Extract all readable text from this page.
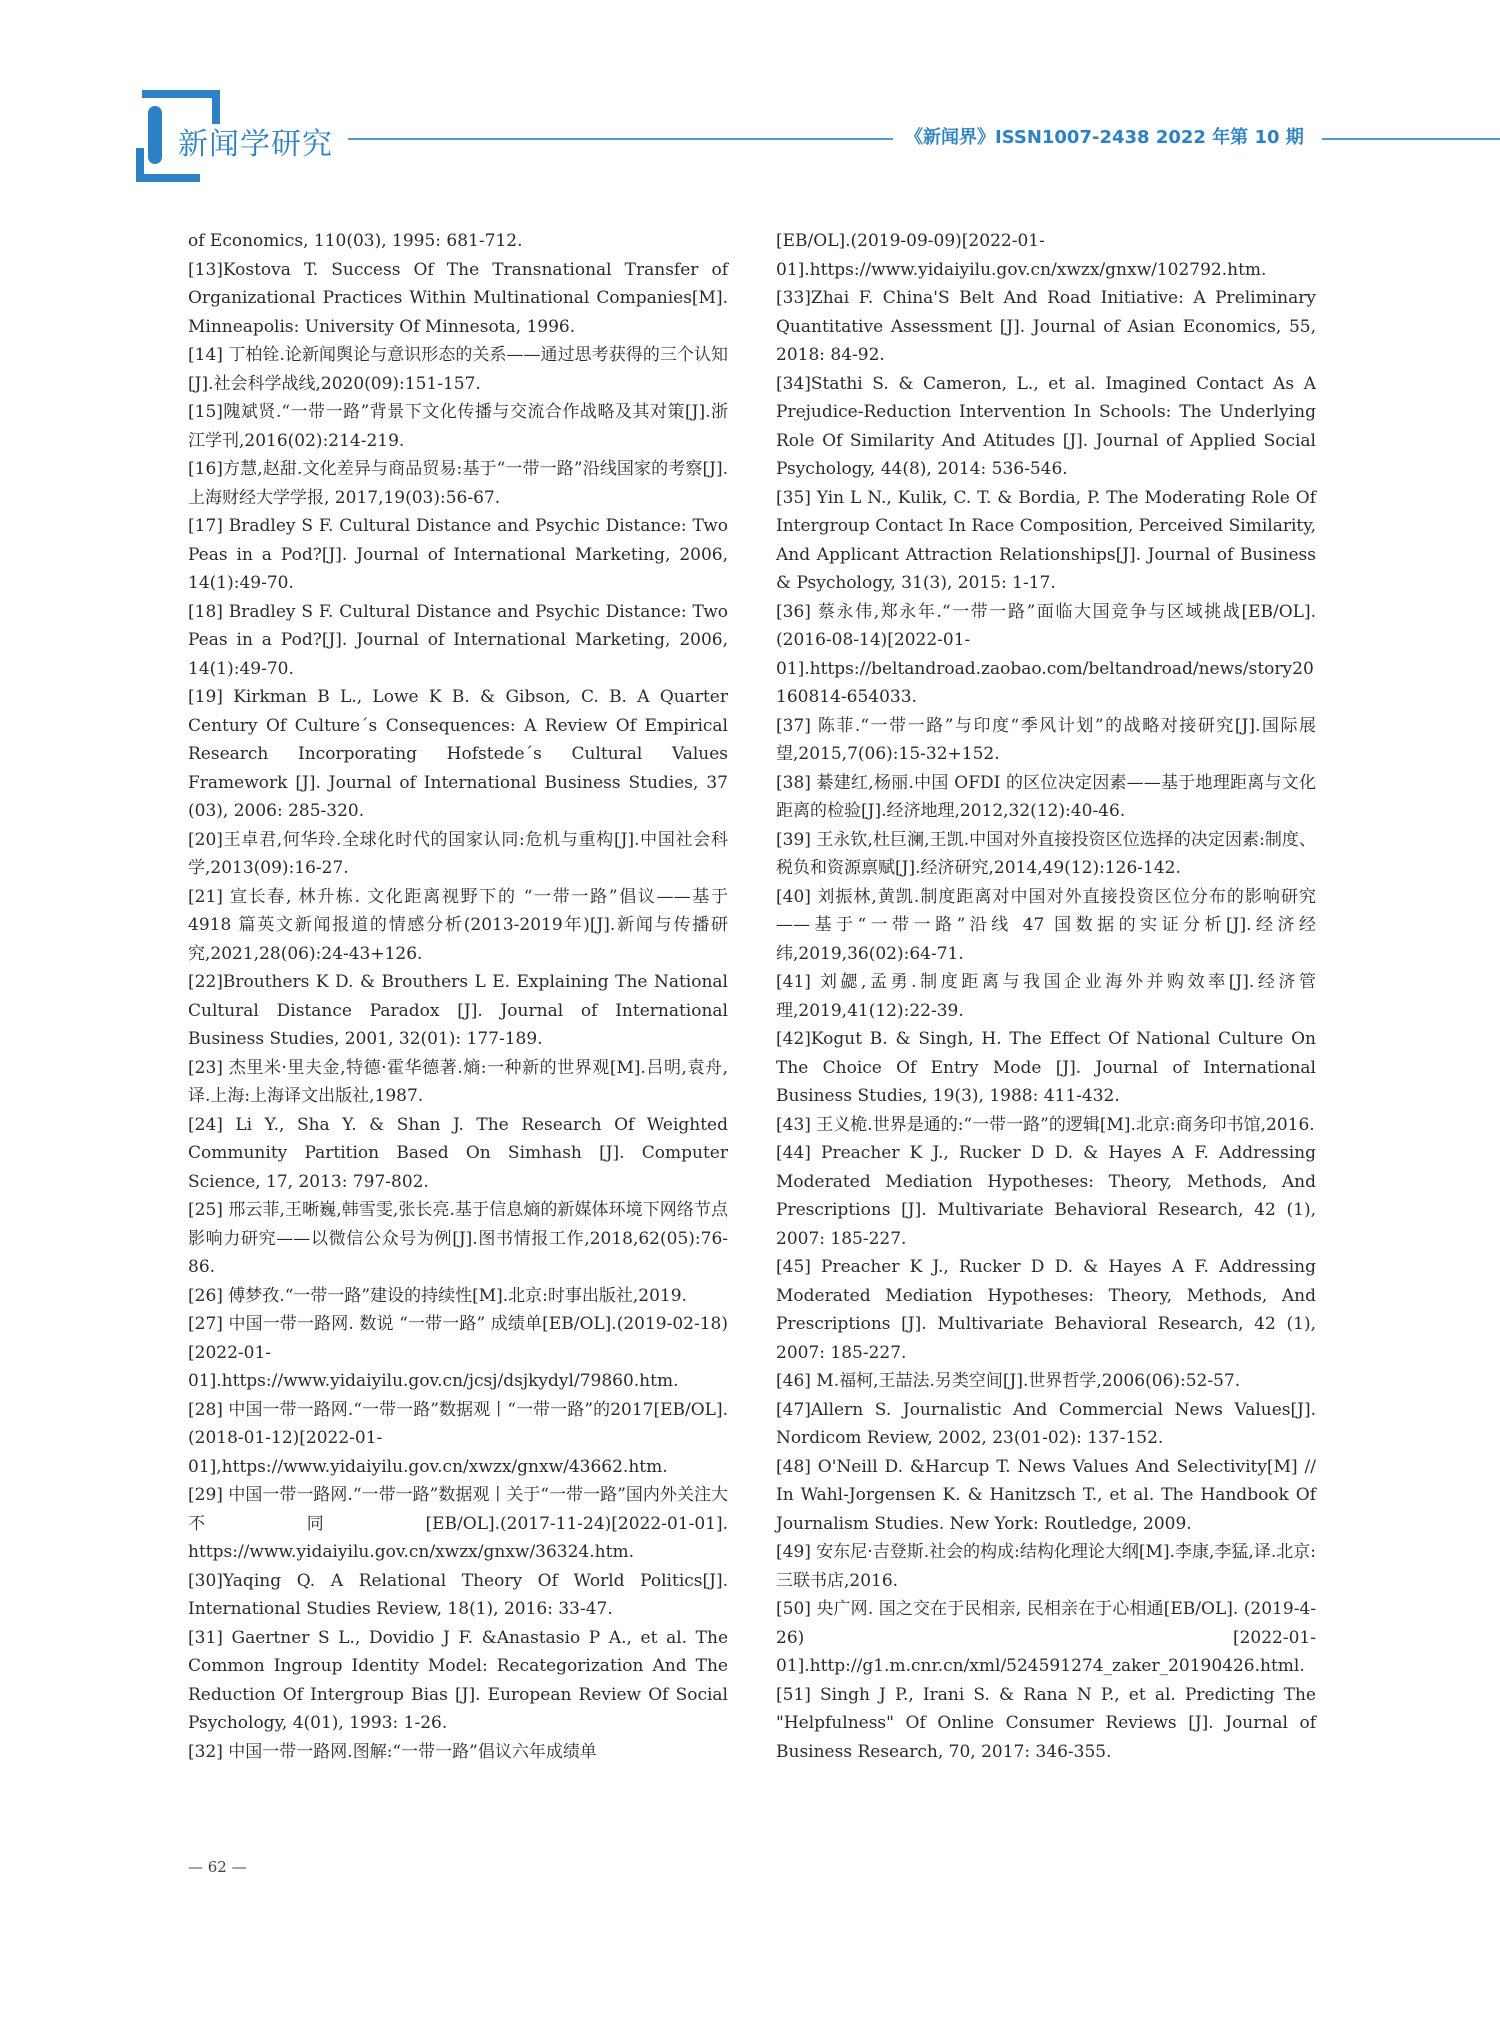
新闻学研究	《新闻界》ISSN1007-2438 2022 年第 10 期

of Economics, 110(03), 1995: 681-712.

[13]Kostova T. Success Of The Transnational Transfer of Organizational Practices Within Multinational Companies[M]. Minneapolis: University Of Minnesota, 1996.

[14] 丁柏铨.论新闻舆论与意识形态的关系——通过思考获得的三个认知[J].社会科学战线,2020(09):151-157.

[15]隗斌贤.“一带一路”背景下文化传播与交流合作战略及其对策[J].浙江学刊,2016(02):214-219.

[16]方慧,赵甜.文化差异与商品贸易:基于“一带一路”沿线国家的考察[J].上海财经大学学报, 2017,19(03):56-67.

[17] Bradley S F. Cultural Distance and Psychic Distance: Two Peas in a Pod?[J]. Journal of International Marketing, 2006, 14(1):49-70.

[18] Bradley S F. Cultural Distance and Psychic Distance: Two Peas in a Pod?[J]. Journal of International Marketing, 2006, 14(1):49-70.

[19] Kirkman B L., Lowe K B. & Gibson, C. B. A Quarter Century Of Culture´s Consequences: A Review Of Empirical Research Incorporating Hofstede´s Cultural Values Framework [J]. Journal of International Business Studies, 37 (03), 2006: 285-320.

[20]王卓君,何华玲.全球化时代的国家认同:危机与重构[J].中国社会科学,2013(09):16-27.

[21] 宣长春, 林升栋. 文化距离视野下的 “一带一路”倡议——基于 4918 篇英文新闻报道的情感分析(2013-2019年)[J].新闻与传播研究,2021,28(06):24-43+126.

[22]Brouthers K D. & Brouthers L E. Explaining The National Cultural Distance Paradox [J]. Journal of International Business Studies, 2001, 32(01): 177-189.

[23] 杰里米·里夫金,特德·霍华德著.熵:一种新的世界观[M].吕明,袁舟,译.上海:上海译文出版社,1987.

[24] Li Y., Sha Y. & Shan J. The Research Of Weighted Community Partition Based On Simhash [J]. Computer Science, 17, 2013: 797-802.

[25] 邢云菲,王晰巍,韩雪雯,张长亮.基于信息熵的新媒体环境下网络节点影响力研究——以微信公众号为例[J].图书情报工作,2018,62(05):76-86.

[26] 傅梦孜.“一带一路”建设的持续性[M].北京:时事出版社,2019.

[27] 中国一带一路网. 数说 “一带一路” 成绩单[EB/OL].(2019-02-18)[2022-01-01].https://www.yidaiyilu.gov.cn/jcsj/dsjkydyl/79860.htm.

[28] 中国一带一路网.“一带一路”数据观丨“一带一路”的2017[EB/OL].(2018-01-12)[2022-01-01],https://www.yidaiyilu.gov.cn/xwzx/gnxw/43662.htm.

[29] 中国一带一路网.“一带一路”数据观丨关于“一带一路”国内外关注大不同[EB/OL].(2017-11-24)[2022-01-01]. https://www.yidaiyilu.gov.cn/xwzx/gnxw/36324.htm.

[30]Yaqing Q. A Relational Theory Of World Politics[J]. International Studies Review, 18(1), 2016: 33-47.

[31] Gaertner S L., Dovidio J F. &Anastasio P A., et al. The Common Ingroup Identity Model: Recategorization And The Reduction Of Intergroup Bias [J]. European Review Of Social Psychology, 4(01), 1993: 1-26.

[32] 中国一带一路网.图解:“一带一路”倡议六年成绩单

[EB/OL].(2019-09-09)[2022-01-01].https://www.yidaiyilu.gov.cn/xwzx/gnxw/102792.htm.

[33]Zhai F. China'S Belt And Road Initiative: A Preliminary Quantitative Assessment [J]. Journal of Asian Economics, 55, 2018: 84-92.

[34]Stathi S. & Cameron, L., et al. Imagined Contact As A Prejudice-Reduction Intervention In Schools: The Underlying Role Of Similarity And Atitudes [J]. Journal of Applied Social Psychology, 44(8), 2014: 536-546.

[35] Yin L N., Kulik, C. T. & Bordia, P. The Moderating Role Of Intergroup Contact In Race Composition, Perceived Similarity, And Applicant Attraction Relationships[J]. Journal of Business & Psychology, 31(3), 2015: 1-17.

[36] 蔡永伟,郑永年.“一带一路”面临大国竞争与区域挑战[EB/OL].(2016-08-14)[2022-01-01].https://beltandroad.zaobao.com/beltandroad/news/story20160814-654033.

[37] 陈菲.“一带一路”与印度“季风计划”的战略对接研究[J].国际展望,2015,7(06):15-32+152.

[38] 綦建红,杨丽.中国 OFDI 的区位决定因素——基于地理距离与文化距离的检验[J].经济地理,2012,32(12):40-46.

[39] 王永钦,杜巨澜,王凯.中国对外直接投资区位选择的决定因素:制度、税负和资源禀赋[J].经济研究,2014,49(12):126-142.

[40] 刘振林,黄凯.制度距离对中国对外直接投资区位分布的影响研究——基于“一带一路”沿线 47 国数据的实证分析[J].经济经纬,2019,36(02):64-71.

[41] 刘勰,孟勇.制度距离与我国企业海外并购效率[J].经济管理,2019,41(12):22-39.

[42]Kogut B. & Singh, H. The Effect Of National Culture On The Choice Of Entry Mode [J]. Journal of International Business Studies, 19(3), 1988: 411-432.

[43] 王义桅.世界是通的:“一带一路”的逻辑[M].北京:商务印书馆,2016.

[44] Preacher K J., Rucker D D. & Hayes A F. Addressing Moderated Mediation Hypotheses: Theory, Methods, And Prescriptions [J]. Multivariate Behavioral Research, 42 (1), 2007: 185-227.

[45] Preacher K J., Rucker D D. & Hayes A F. Addressing Moderated Mediation Hypotheses: Theory, Methods, And Prescriptions [J]. Multivariate Behavioral Research, 42 (1), 2007: 185-227.

[46] M.福柯,王喆法.另类空间[J].世界哲学,2006(06):52-57.

[47]Allern S. Journalistic And Commercial News Values[J]. Nordicom Review, 2002, 23(01-02): 137-152.

[48] O'Neill D. &Harcup T. News Values And Selectivity[M] // In Wahl-Jorgensen K. & Hanitzsch T., et al. The Handbook Of Journalism Studies. New York: Routledge, 2009.

[49] 安东尼·吉登斯.社会的构成:结构化理论大纲[M].李康,李猛,译.北京:三联书店,2016.

[50] 央广网. 国之交在于民相亲, 民相亲在于心相通[EB/OL]. (2019-4-26) [2022-01-01].http://g1.m.cnr.cn/xml/524591274_zaker_20190426.html.

[51] Singh J P., Irani S. & Rana N P., et al. Predicting The "Helpfulness" Of Online Consumer Reviews [J]. Journal of Business Research, 70, 2017: 346-355.

— 62 —
